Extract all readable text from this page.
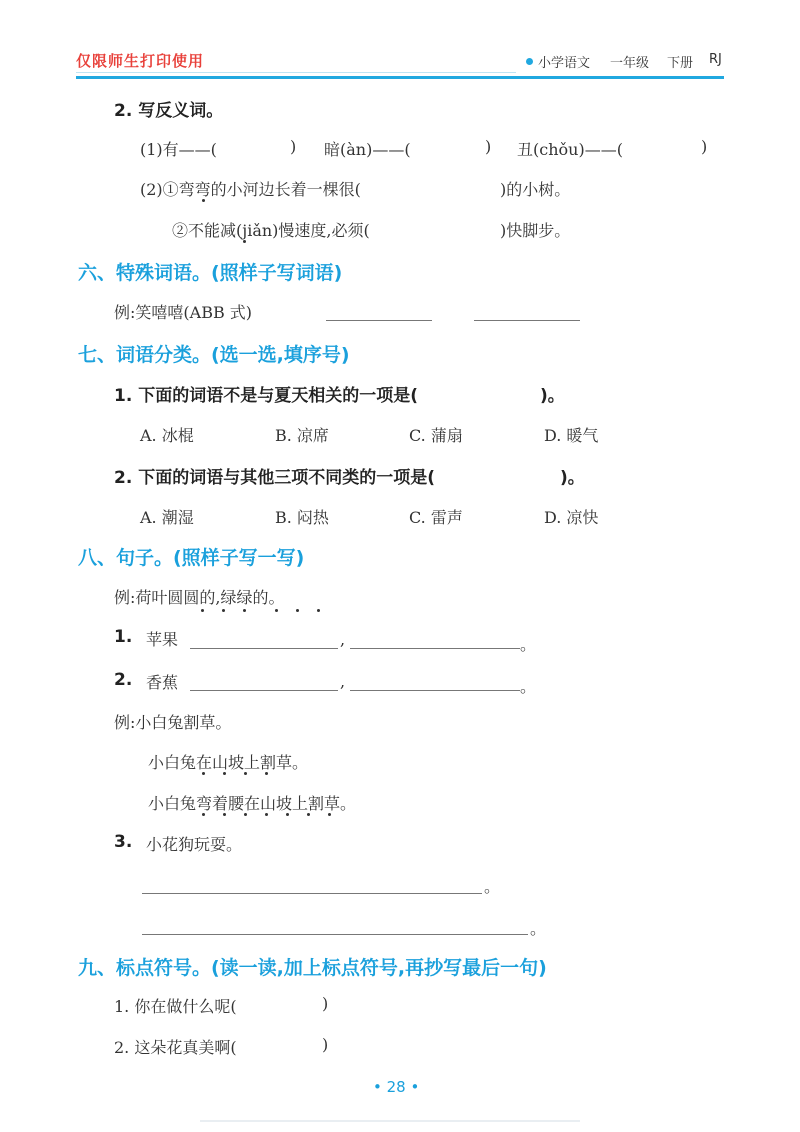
仅限师生打印使用	小学语文 一年级 下册 RJ
2. 写反义词。
(1)有——(	) 暗(àn)——(	) 丑(chǒu)——(	)
(2)①弯弯的小河边长着一棵很(	)的小树。
②不能减(jiǎn)慢速度,必须(	)快脚步。
六、特殊词语。(照样子写词语)
例:笑嘻嘻(ABB 式)
七、词语分类。(选一选,填序号)
1. 下面的词语不是与夏天相关的一项是(	)。
A. 冰棍	B. 凉席	C. 蒲扇	D. 暖气
2. 下面的词语与其他三项不同类的一项是(	)。
A. 潮湿	B. 闷热	C. 雷声	D. 凉快
八、句子。(照样子写一写)
例:荷叶圆圆的,绿绿的。
1. 苹果	,	。
2. 香蕉	,	。
例:小白兔割草。
小白兔在山坡上割草。
小白兔弯着腰在山坡上割草。
3. 小花狗玩耍。
。
。
九、标点符号。(读一读,加上标点符号,再抄写最后一句)
1. 你在做什么呢(	)
2. 这朵花真美啊(	)
• 28 •
